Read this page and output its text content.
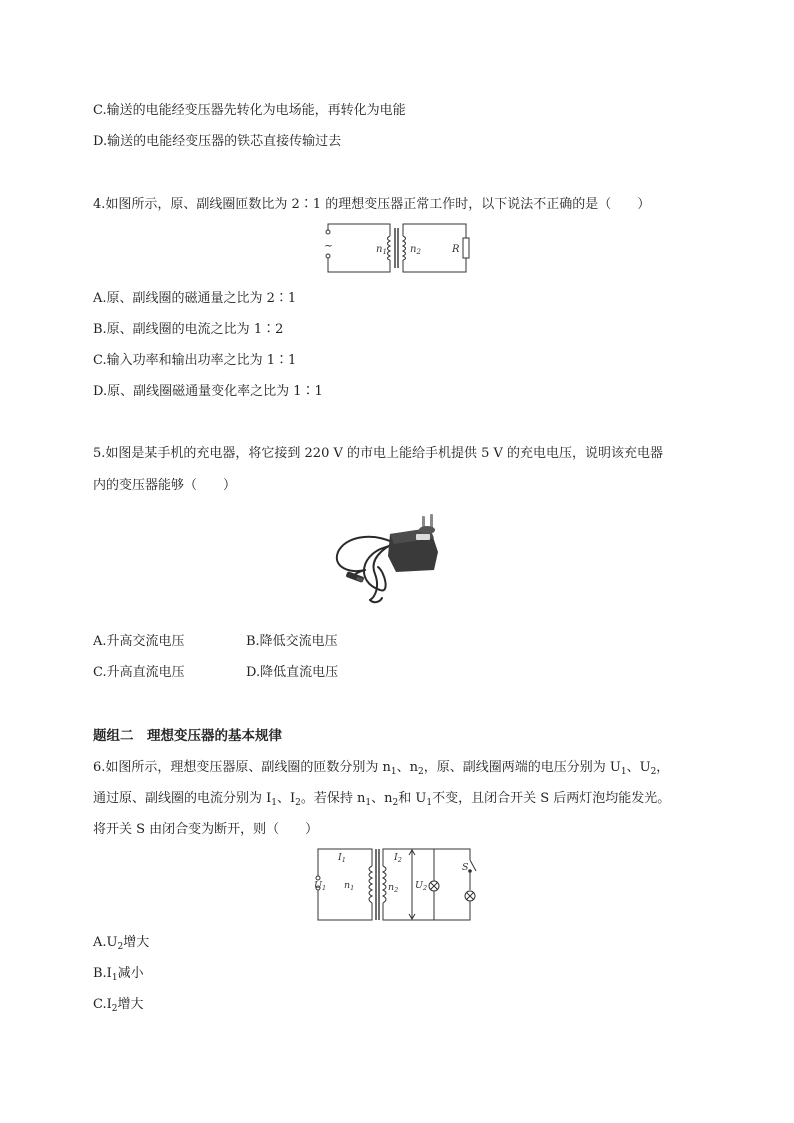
C.输送的电能经变压器先转化为电场能，再转化为电能
D.输送的电能经变压器的铁芯直接传输过去
4.如图所示，原、副线圈匝数比为 2∶1 的理想变压器正常工作时，以下说法不正确的是（　　）
~	$n_1$ $n_2$	R
A.原、副线圈的磁通量之比为 2∶1
B.原、副线圈的电流之比为 1∶2
C.输入功率和输出功率之比为 1∶1
D.原、副线圈磁通量变化率之比为 1∶1
5.如图是某手机的充电器，将它接到 220 V 的市电上能给手机提供 5 V 的充电电压，说明该充电器
内的变压器能够（　　）
A.升高交流电压	B.降低交流电压
C.升高直流电压	D.降低直流电压
题组二　理想变压器的基本规律
6.如图所示，理想变压器原、副线圈的匝数分别为 $n_1$、$n_2$，原、副线圈两端的电压分别为 $U_1$、$U_2$，
通过原、副线圈的电流分别为 $I_1$、$I_2$。若保持 $n_1$、$n_2$和 $U_1$不变，且闭合开关 S 后两灯泡均能发光。
将开关 S 由闭合变为断开，则（　　）
$I_1$
$U_1$ $n_1$
$I_2$
$n_2$ $U_2$
S
$A.U_2$增大
$B.I_1$减小
$C.I_2$增大
